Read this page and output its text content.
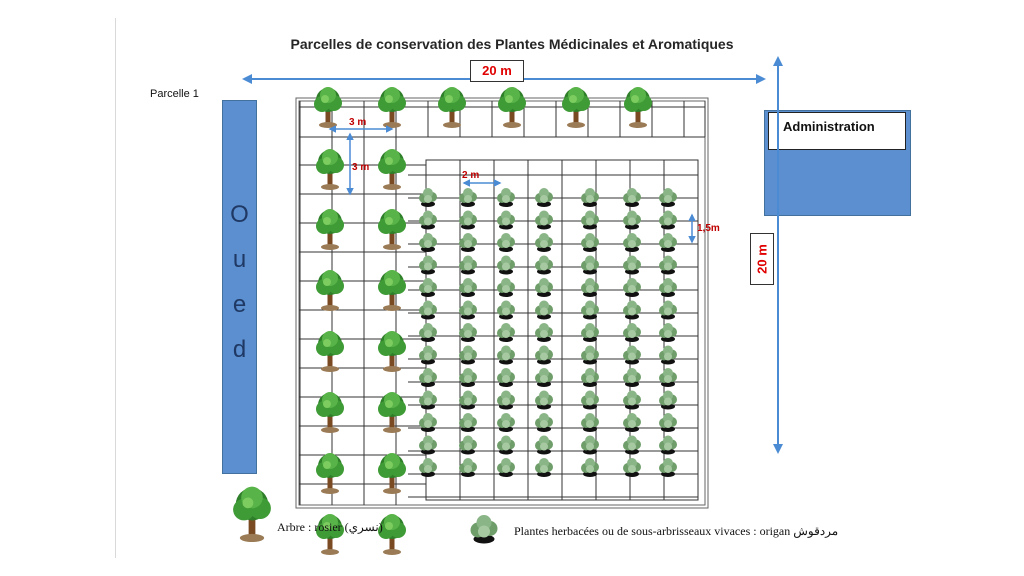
Parcelles de conservation des Plantes Médicinales et Aromatiques
Parcelle 1
O
u
e
d
Administration
20 m
20 m
3 m
3 m
2 m
1,5m
Arbre : rosier (نسري)	Plantes herbacées ou de sous-arbrisseaux vivaces : origan مردقوش
